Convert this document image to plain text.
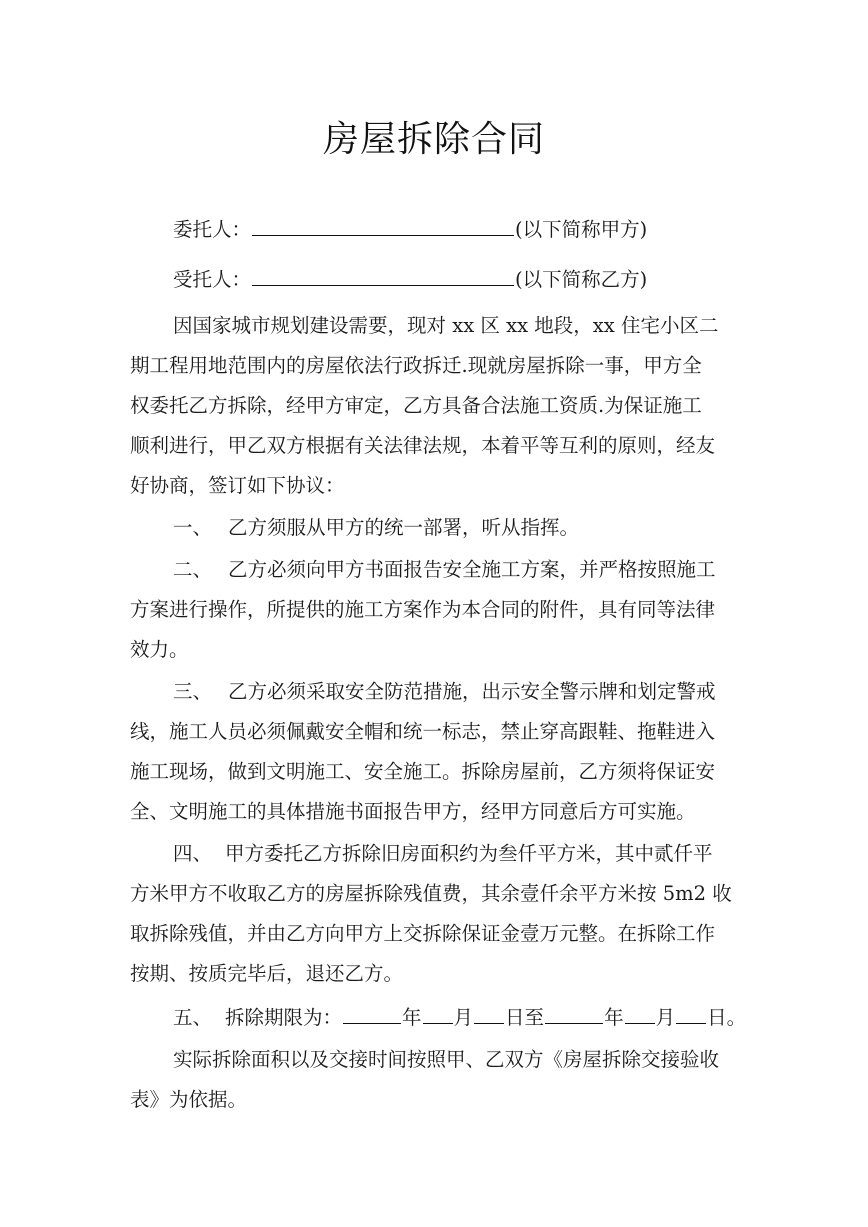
房屋拆除合同
委托人：	(以下简称甲方)
受托人：	(以下简称乙方)
因国家城市规划建设需要，现对 xx 区 xx 地段，xx 住宅小区二
期工程用地范围内的房屋依法行政拆迁.现就房屋拆除一事，甲方全
权委托乙方拆除，经甲方审定，乙方具备合法施工资质.为保证施工
顺利进行，甲乙双方根据有关法律法规，本着平等互利的原则，经友
好协商，签订如下协议：
一、 乙方须服从甲方的统一部署，听从指挥。
二、 乙方必须向甲方书面报告安全施工方案，并严格按照施工
方案进行操作，所提供的施工方案作为本合同的附件，具有同等法律
效力。
三、 乙方必须采取安全防范措施，出示安全警示牌和划定警戒
线，施工人员必须佩戴安全帽和统一标志，禁止穿高跟鞋、拖鞋进入
施工现场，做到文明施工、安全施工。拆除房屋前，乙方须将保证安
全、文明施工的具体措施书面报告甲方，经甲方同意后方可实施。
四、 甲方委托乙方拆除旧房面积约为叁仟平方米，其中贰仟平
方米甲方不收取乙方的房屋拆除残值费，其余壹仟余平方米按 5m2 收
取拆除残值，并由乙方向甲方上交拆除保证金壹万元整。在拆除工作
按期、按质完毕后，退还乙方。
五、 拆除期限为：	年 月 日至	年 月 日。
实际拆除面积以及交接时间按照甲、乙双方《房屋拆除交接验收
表》为依据。
